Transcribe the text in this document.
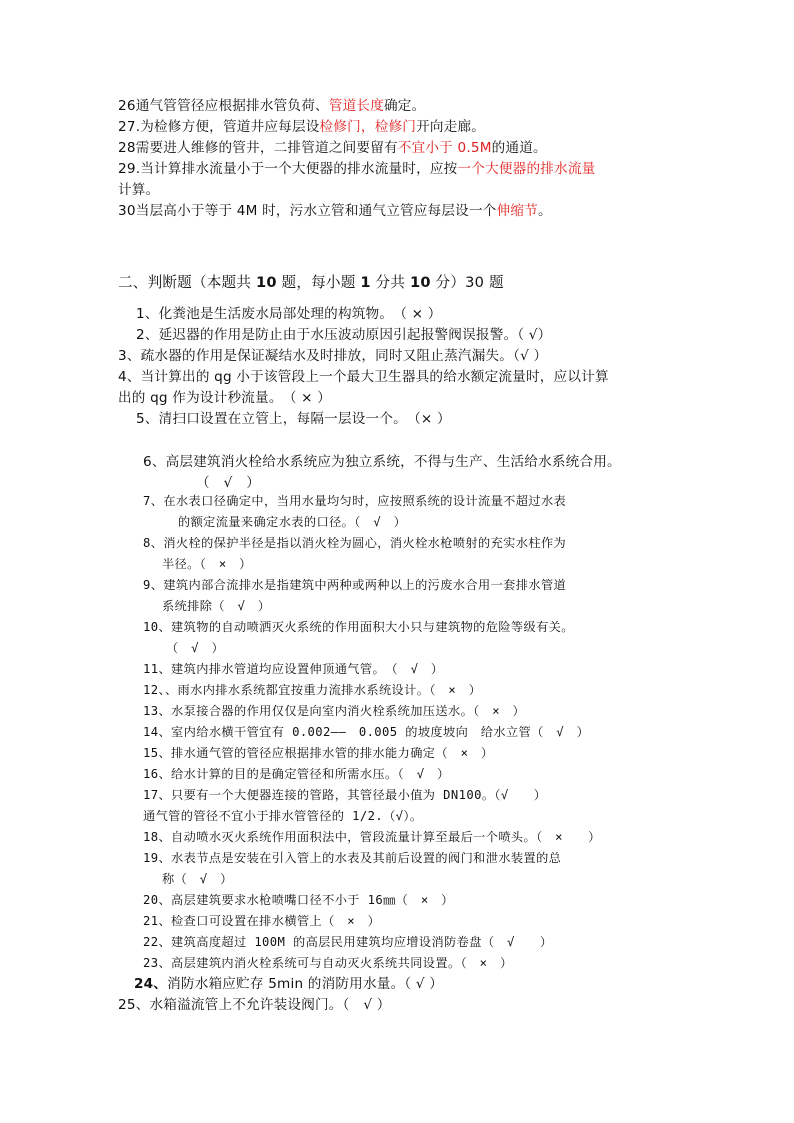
26通气管管径应根据排水管负荷、管道长度确定。
27.为检修方便，管道井应每层设检修门，检修门开向走廊。
28需要进人维修的管井，二排管道之间要留有不宜小于 0.5M的通道。
29.当计算排水流量小于一个大便器的排水流量时，应按一个大便器的排水流量
计算。
30当层高小于等于 4M 时，污水立管和通气立管应每层设一个伸缩节。
二、判断题（本题共 10 题，每小题 1 分共 10 分）30 题
1、化粪池是生活废水局部处理的构筑物。　（ × ）
2、延迟器的作用是防止由于水压波动原因引起报警阀误报警。（ √）
3、疏水器的作用是保证凝结水及时排放，同时又阻止蒸汽漏失。（√ ）
4、当计算出的 qg 小于该管段上一个最大卫生器具的给水额定流量时，应以计算
出的 qg 作为设计秒流量。　（ × ）
5、清扫口设置在立管上，每隔一层设一个。　（× ）
6、高层建筑消火栓给水系统应为独立系统，不得与生产、生活给水系统合用。
（　√　）
7、在水表口径确定中，当用水量均匀时，应按照系统的设计流量不超过水表
的额定流量来确定水表的口径。（　√　）
8、消火栓的保护半径是指以消火栓为圆心，消火栓水枪喷射的充实水柱作为
半径。（　×　）
9、建筑内部合流排水是指建筑中两种或两种以上的污废水合用一套排水管道
系统排除（　√　）
10、建筑物的自动喷洒灭火系统的作用面积大小只与建筑物的危险等级有关。
（　√　）
11、建筑内排水管道均应设置伸顶通气管。　（　√　）
12、、雨水内排水系统都宜按重力流排水系统设计。（　×　）
13、水泵接合器的作用仅仅是向室内消火栓系统加压送水。（　×　）
14、室内给水横干管宜有 0.002——　0.005 的坡度坡向　给水立管（　√　）
15、排水通气管的管径应根据排水管的排水能力确定（　×　）
16、给水计算的目的是确定管径和所需水压。（　√　）
17、只要有一个大便器连接的管路，其管径最小值为 DN100。（√　　）
通气管的管径不宜小于排水管管径的 1/2.（√）。
18、自动喷水灭火系统作用面积法中，管段流量计算至最后一个喷头。（　×　　）
19、水表节点是安装在引入管上的水表及其前后设置的阀门和泄水装置的总
称（　√　）
20、高层建筑要求水枪喷嘴口径不小于 16㎜（　×　）
21、检查口可设置在排水横管上（　×　）
22、建筑高度超过 100M 的高层民用建筑均应增设消防卷盘（　√　　）
23、高层建筑内消火栓系统可与自动灭火系统共同设置。（　×　）
24、消防水箱应贮存 5min 的消防用水量。（ √ ）
25、水箱溢流管上不允许装设阀门。（　√ ）
